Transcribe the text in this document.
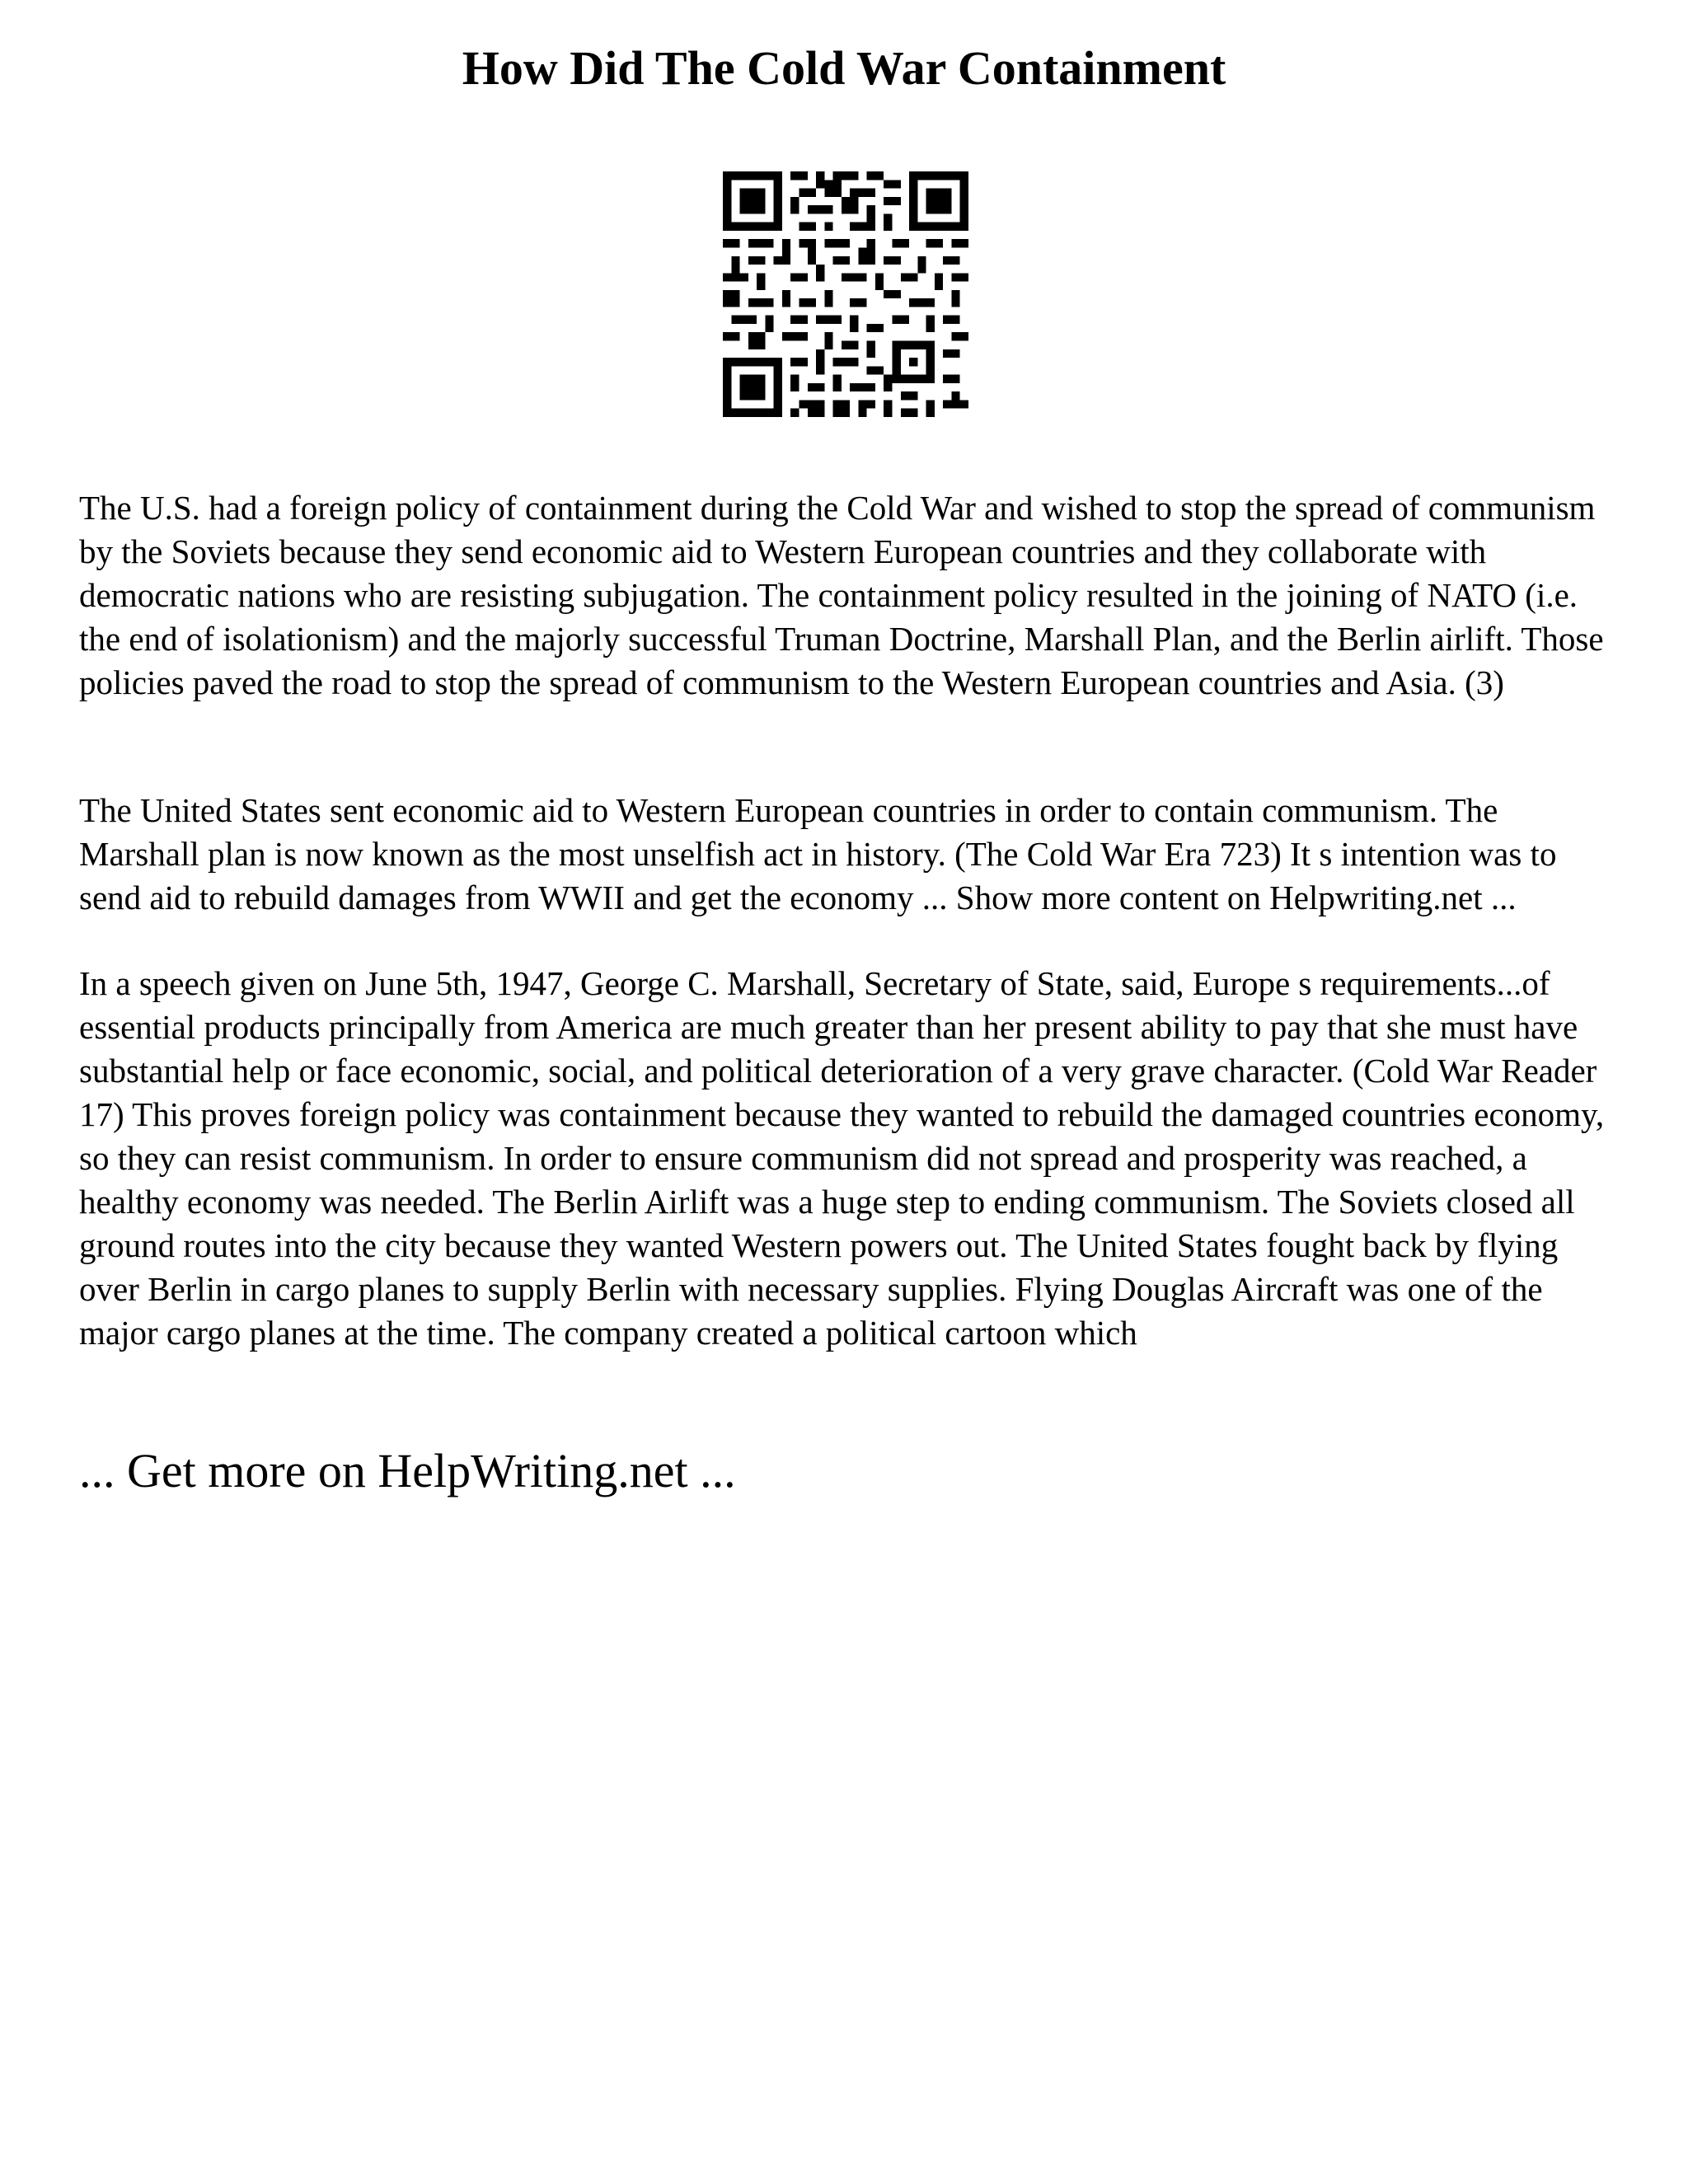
How Did The Cold War Containment

The U.S. had a foreign policy of containment during the Cold War and wished to stop the spread of communism by the Soviets because they send economic aid to Western European countries and they collaborate with democratic nations who are resisting subjugation. The containment policy resulted in the joining of NATO (i.e. the end of isolationism) and the majorly successful Truman Doctrine, Marshall Plan, and the Berlin airlift. Those policies paved the road to stop the spread of communism to the Western European countries and Asia. (3)

The United States sent economic aid to Western European countries in order to contain communism. The Marshall plan is now known as the most unselfish act in history. (The Cold War Era 723) It s intention was to send aid to rebuild damages from WWII and get the economy ... Show more content on Helpwriting.net ...

In a speech given on June 5th, 1947, George C. Marshall, Secretary of State, said, Europe s requirements...of essential products principally from America are much greater than her present ability to pay that she must have substantial help or face economic, social, and political deterioration of a very grave character. (Cold War Reader 17) This proves foreign policy was containment because they wanted to rebuild the damaged countries economy, so they can resist communism. In order to ensure communism did not spread and prosperity was reached, a healthy economy was needed. The Berlin Airlift was a huge step to ending communism. The Soviets closed all ground routes into the city because they wanted Western powers out. The United States fought back by flying over Berlin in cargo planes to supply Berlin with necessary supplies. Flying Douglas Aircraft was one of the major cargo planes at the time. The company created a political cartoon which

... Get more on HelpWriting.net ...
